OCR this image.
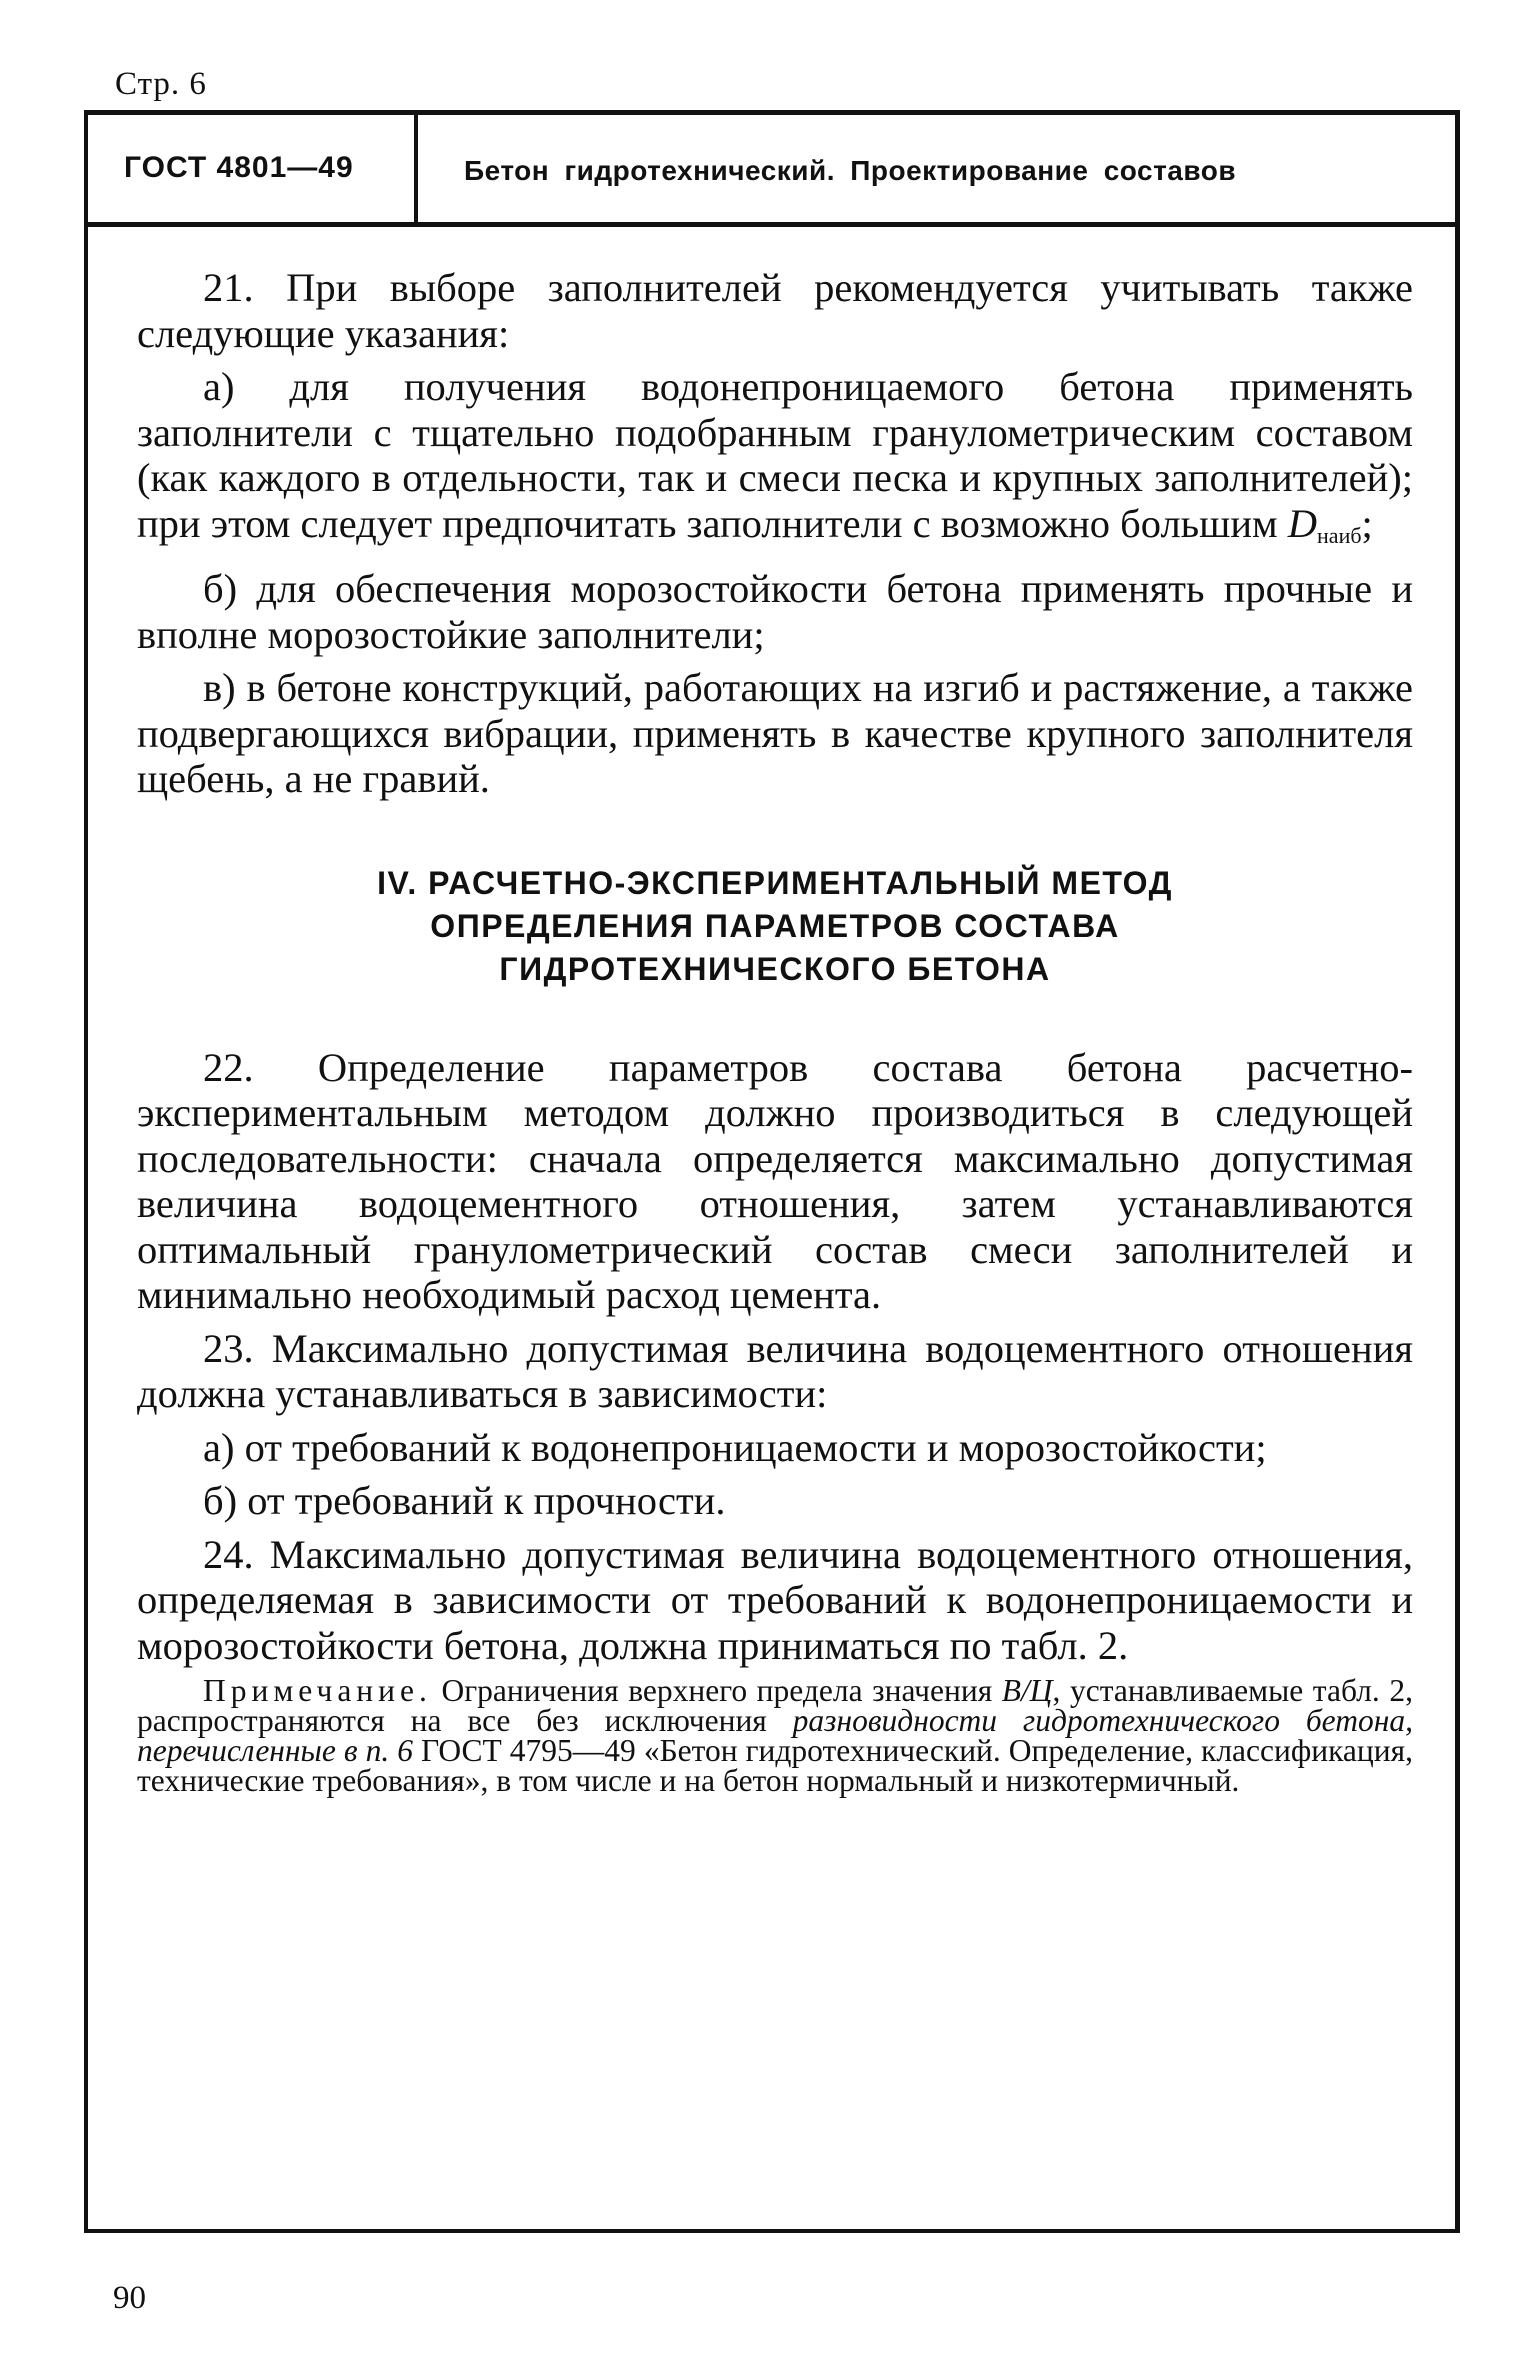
Стр. 6
ГОСТ 4801—49	Бетон гидротехнический. Проектирование составов

21. При выборе заполнителей рекомендуется учитывать также следующие указания:

а) для получения водонепроницаемого бетона применять заполнители с тщательно подобранным гранулометрическим составом (как каждого в отдельности, так и смеси песка и крупных заполнителей); при этом следует предпочитать заполнители с возможно большим $D_{наиб}$;

б) для обеспечения морозостойкости бетона применять прочные и вполне морозостойкие заполнители;

в) в бетоне конструкций, работающих на изгиб и растяжение, а также подвергающихся вибрации, применять в качестве крупного заполнителя щебень, а не гравий.

IV. РАСЧЕТНО-ЭКСПЕРИМЕНТАЛЬНЫЙ МЕТОД
ОПРЕДЕЛЕНИЯ ПАРАМЕТРОВ СОСТАВА
ГИДРОТЕХНИЧЕСКОГО БЕТОНА

22. Определение параметров состава бетона расчетно-экспериментальным методом должно производиться в следующей последовательности: сначала определяется максимально допустимая величина водоцементного отношения, затем устанавливаются оптимальный гранулометрический состав смеси заполнителей и минимально необходимый расход цемента.

23. Максимально допустимая величина водоцементного отношения должна устанавливаться в зависимости:

а) от требований к водонепроницаемости и морозостойкости;

б) от требований к прочности.

24. Максимально допустимая величина водоцементного отношения, определяемая в зависимости от требований к водонепроницаемости и морозостойкости бетона, должна приниматься по табл. 2.

Примечание. Ограничения верхнего предела значения В/Ц, устанавливаемые табл. 2, распространяются на все без исключения разновидности гидротехнического бетона, перечисленные в п. 6 ГОСТ 4795—49 «Бетон гидротехнический. Определение, классификация, технические требования», в том числе и на бетон нормальный и низкотермичный.

90
